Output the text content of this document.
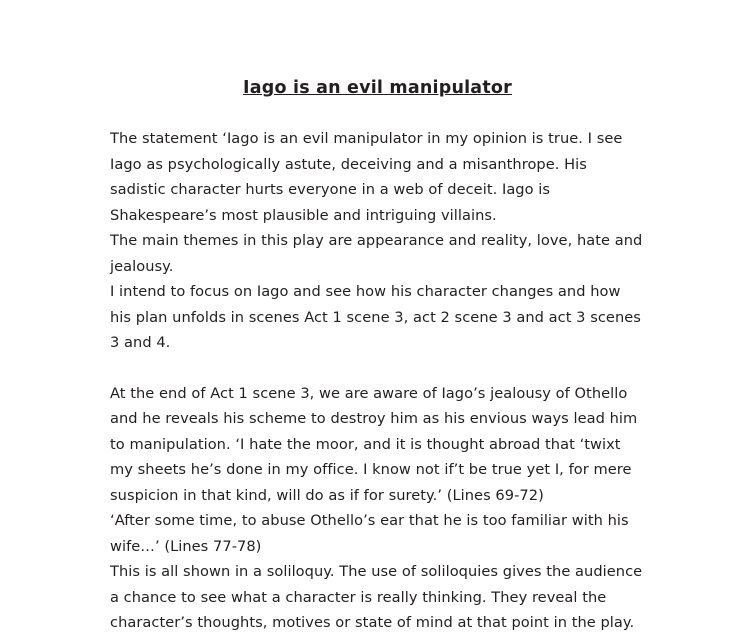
Iago is an evil manipulator

The statement ‘Iago is an evil manipulator in my opinion is true. I see Iago as psychologically astute, deceiving and a misanthrope. His sadistic character hurts everyone in a web of deceit. Iago is Shakespeare’s most plausible and intriguing villains.

The main themes in this play are appearance and reality, love, hate and jealousy.

I intend to focus on Iago and see how his character changes and how his plan unfolds in scenes Act 1 scene 3, act 2 scene 3 and act 3 scenes 3 and 4.

At the end of Act 1 scene 3, we are aware of Iago’s jealousy of Othello and he reveals his scheme to destroy him as his envious ways lead him to manipulation. ‘I hate the moor, and it is thought abroad that ‘twixt my sheets he’s done in my office. I know not if’t be true yet I, for mere suspicion in that kind, will do as if for surety.’ (Lines 69-72)

‘After some time, to abuse Othello’s ear that he is too familiar with his wife…’ (Lines 77-78)

This is all shown in a soliloquy. The use of soliloquies gives the audience a chance to see what a character is really thinking. They reveal the

character’s thoughts, motives or state of mind at that point in the play.
